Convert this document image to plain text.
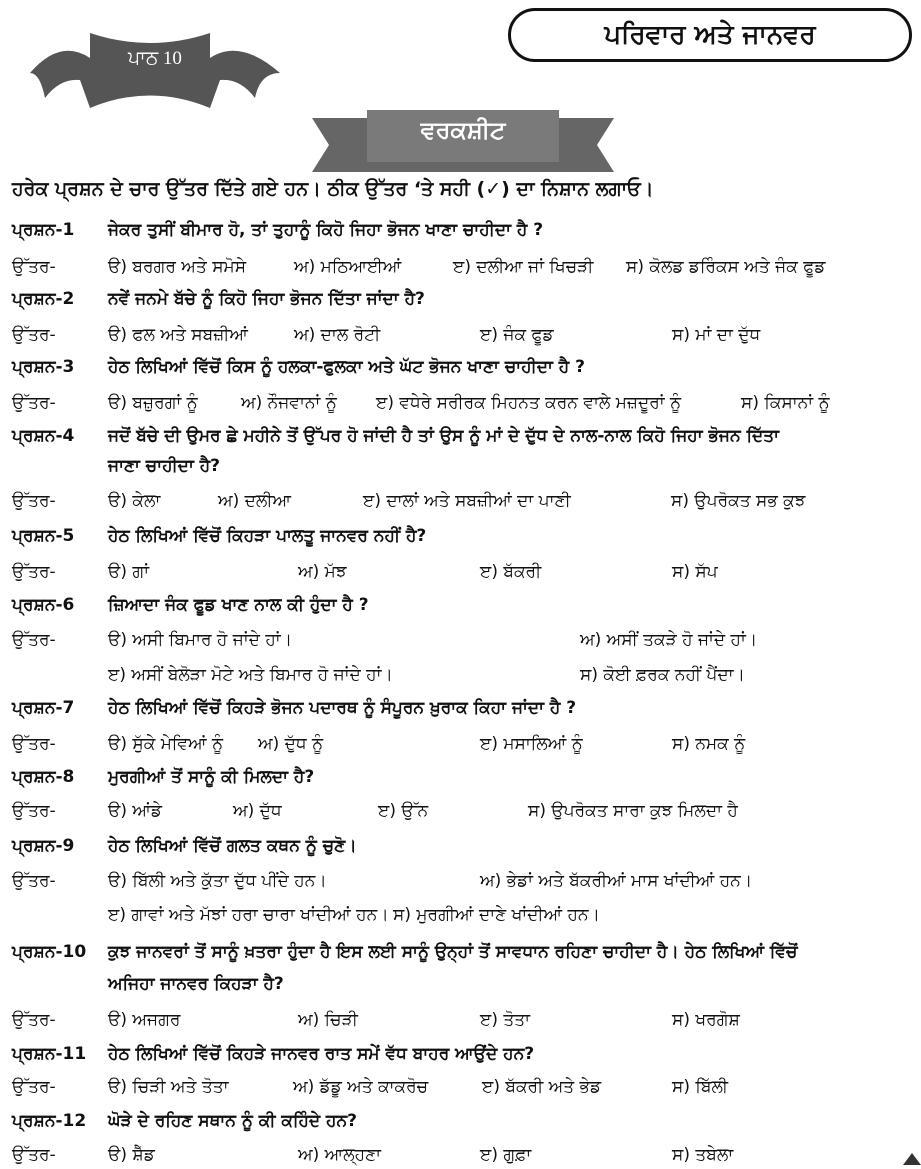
ਪਾਠ 10
ਪਰਿਵਾਰ ਅਤੇ ਜਾਨਵਰ
ਵਰਕਸ਼ੀਟ
ਹਰੇਕ ਪ੍ਰਸ਼ਨ ਦੇ ਚਾਰ ਉੱਤਰ ਦਿੱਤੇ ਗਏ ਹਨ। ਠੀਕ ਉੱਤਰ ‘ਤੇ ਸਹੀ (✓) ਦਾ ਨਿਸ਼ਾਨ ਲਗਾਓ।
ਪ੍ਰਸ਼ਨ-1 ਜੇਕਰ ਤੁਸੀਂ ਬੀਮਾਰ ਹੋ, ਤਾਂ ਤੁਹਾਨੂੰ ਕਿਹੋ ਜਿਹਾ ਭੋਜਨ ਖਾਣਾ ਚਾਹੀਦਾ ਹੈ ?
ਉੱਤਰ-	ੳ) ਬਰਗਰ ਅਤੇ ਸਮੋਸੇ	ਅ) ਮਠਿਆਈਆਂ	ੲ) ਦਲੀਆ ਜਾਂ ਖਿਚੜੀ ਸ) ਕੋਲਡ ਡਰਿੰਕਸ ਅਤੇ ਜੰਕ ਫੂਡ
ਪ੍ਰਸ਼ਨ-2 ਨਵੇਂ ਜਨਮੇ ਬੱਚੇ ਨੂੰ ਕਿਹੋ ਜਿਹਾ ਭੋਜਨ ਦਿੱਤਾ ਜਾਂਦਾ ਹੈ?
ਉੱਤਰ-	ੳ) ਫਲ ਅਤੇ ਸਬਜ਼ੀਆਂ	ਅ) ਦਾਲ ਰੋਟੀ	ੲ) ਜੰਕ ਫੂਡ	ਸ) ਮਾਂ ਦਾ ਦੁੱਧ
ਪ੍ਰਸ਼ਨ-3 ਹੇਠ ਲਿਖਿਆਂ ਵਿੱਚੋਂ ਕਿਸ ਨੂੰ ਹਲਕਾ-ਫੁਲਕਾ ਅਤੇ ਘੱਟ ਭੋਜਨ ਖਾਣਾ ਚਾਹੀਦਾ ਹੈ ?
ਉੱਤਰ-	ੳ) ਬਜ਼ੁਰਗਾਂ ਨੂੰ	ਅ) ਨੌਜਵਾਨਾਂ ਨੂੰ ੲ) ਵਧੇਰੇ ਸਰੀਰਕ ਮਿਹਨਤ ਕਰਨ ਵਾਲੇ ਮਜ਼ਦੂਰਾਂ ਨੂੰ	ਸ) ਕਿਸਾਨਾਂ ਨੂੰ
ਪ੍ਰਸ਼ਨ-4 ਜਦੋਂ ਬੱਚੇ ਦੀ ਉਮਰ ਛੇ ਮਹੀਨੇ ਤੋਂ ਉੱਪਰ ਹੋ ਜਾਂਦੀ ਹੈ ਤਾਂ ਉਸ ਨੂੰ ਮਾਂ ਦੇ ਦੁੱਧ ਦੇ ਨਾਲ-ਨਾਲ ਕਿਹੋ ਜਿਹਾ ਭੋਜਨ ਦਿੱਤਾ
ਜਾਣਾ ਚਾਹੀਦਾ ਹੈ?
ਉੱਤਰ-	ੳ) ਕੇਲਾ	ਅ) ਦਲੀਆ	ੲ) ਦਾਲਾਂ ਅਤੇ ਸਬਜ਼ੀਆਂ ਦਾ ਪਾਣੀ	ਸ) ਉਪਰੋਕਤ ਸਭ ਕੁਝ
ਪ੍ਰਸ਼ਨ-5 ਹੇਠ ਲਿਖਿਆਂ ਵਿੱਚੋਂ ਕਿਹੜਾ ਪਾਲਤੂ ਜਾਨਵਰ ਨਹੀਂ ਹੈ?
ਉੱਤਰ-	ੳ) ਗਾਂ	ਅ) ਮੱਝ	ੲ) ਬੱਕਰੀ	ਸ) ਸੱਪ
ਪ੍ਰਸ਼ਨ-6 ਜ਼ਿਆਦਾ ਜੰਕ ਫੂਡ ਖਾਣ ਨਾਲ ਕੀ ਹੁੰਦਾ ਹੈ ?
ਉੱਤਰ-	ੳ) ਅਸੀ ਬਿਮਾਰ ਹੋ ਜਾਂਦੇ ਹਾਂ।	ਅ) ਅਸੀਂ ਤਕੜੇ ਹੋ ਜਾਂਦੇ ਹਾਂ।
ੲ) ਅਸੀਂ ਬੇਲੋੜਾ ਮੋਟੇ ਅਤੇ ਬਿਮਾਰ ਹੋ ਜਾਂਦੇ ਹਾਂ।	ਸ) ਕੋਈ ਫ਼ਰਕ ਨਹੀਂ ਪੈਂਦਾ।
ਪ੍ਰਸ਼ਨ-7 ਹੇਠ ਲਿਖਿਆਂ ਵਿੱਚੋਂ ਕਿਹੜੇ ਭੋਜਨ ਪਦਾਰਥ ਨੂੰ ਸੰਪੂਰਨ ਖ਼ੁਰਾਕ ਕਿਹਾ ਜਾਂਦਾ ਹੈ ?
ਉੱਤਰ-	ੳ) ਸੁੱਕੇ ਮੇਵਿਆਂ ਨੂੰ ਅ) ਦੁੱਧ ਨੂੰ	ੲ) ਮਸਾਲਿਆਂ ਨੂੰ	ਸ) ਨਮਕ ਨੂੰ
ਪ੍ਰਸ਼ਨ-8 ਮੁਰਗੀਆਂ ਤੋਂ ਸਾਨੂੰ ਕੀ ਮਿਲਦਾ ਹੈ?
ਉੱਤਰ-	ੳ) ਆਂਡੇ	ਅ) ਦੁੱਧ	ੲ) ਉੱਨ	ਸ) ਉਪਰੋਕਤ ਸਾਰਾ ਕੁਝ ਮਿਲਦਾ ਹੈ
ਪ੍ਰਸ਼ਨ-9 ਹੇਠ ਲਿਖਿਆਂ ਵਿੱਚੋਂ ਗਲਤ ਕਥਨ ਨੂੰ ਚੁਣੋ।
ਉੱਤਰ-	ੳ) ਬਿੱਲੀ ਅਤੇ ਕੁੱਤਾ ਦੁੱਧ ਪੀਂਦੇ ਹਨ।	ਅ) ਭੇਡਾਂ ਅਤੇ ਬੱਕਰੀਆਂ ਮਾਸ ਖਾਂਦੀਆਂ ਹਨ।
ੲ) ਗਾਵਾਂ ਅਤੇ ਮੱਝਾਂ ਹਰਾ ਚਾਰਾ ਖਾਂਦੀਆਂ ਹਨ। ਸ) ਮੁਰਗੀਆਂ ਦਾਣੇ ਖਾਂਦੀਆਂ ਹਨ।
ਪ੍ਰਸ਼ਨ-10 ਕੁਝ ਜਾਨਵਰਾਂ ਤੋਂ ਸਾਨੂੰ ਖ਼ਤਰਾ ਹੁੰਦਾ ਹੈ ਇਸ ਲਈ ਸਾਨੂੰ ਉਨ੍ਹਾਂ ਤੋਂ ਸਾਵਧਾਨ ਰਹਿਣਾ ਚਾਹੀਦਾ ਹੈ। ਹੇਠ ਲਿਖਿਆਂ ਵਿੱਚੋਂ
ਅਜਿਹਾ ਜਾਨਵਰ ਕਿਹੜਾ ਹੈ?
ਉੱਤਰ-	ੳ) ਅਜਗਰ	ਅ) ਚਿੜੀ	ੲ) ਤੋਤਾ	ਸ) ਖਰਗੋਸ਼
ਪ੍ਰਸ਼ਨ-11 ਹੇਠ ਲਿਖਿਆਂ ਵਿੱਚੋਂ ਕਿਹੜੇ ਜਾਨਵਰ ਰਾਤ ਸਮੇਂ ਵੱਧ ਬਾਹਰ ਆਉਂਦੇ ਹਨ?
ਉੱਤਰ-	ੳ) ਚਿੜੀ ਅਤੇ ਤੋਤਾ	ਅ) ਡੱਡੂ ਅਤੇ ਕਾਕਰੋਚ	ੲ) ਬੱਕਰੀ ਅਤੇ ਭੇਡ	ਸ) ਬਿੱਲੀ
ਪ੍ਰਸ਼ਨ-12 ਘੋੜੇ ਦੇ ਰਹਿਣ ਸਥਾਨ ਨੂੰ ਕੀ ਕਹਿੰਦੇ ਹਨ?
ਉੱਤਰ-	ੳ) ਸ਼ੈੱਡ	ਅ) ਆਲ੍ਹਣਾ	ੲ) ਗੁਫ਼ਾ	ਸ) ਤਬੇਲਾ
